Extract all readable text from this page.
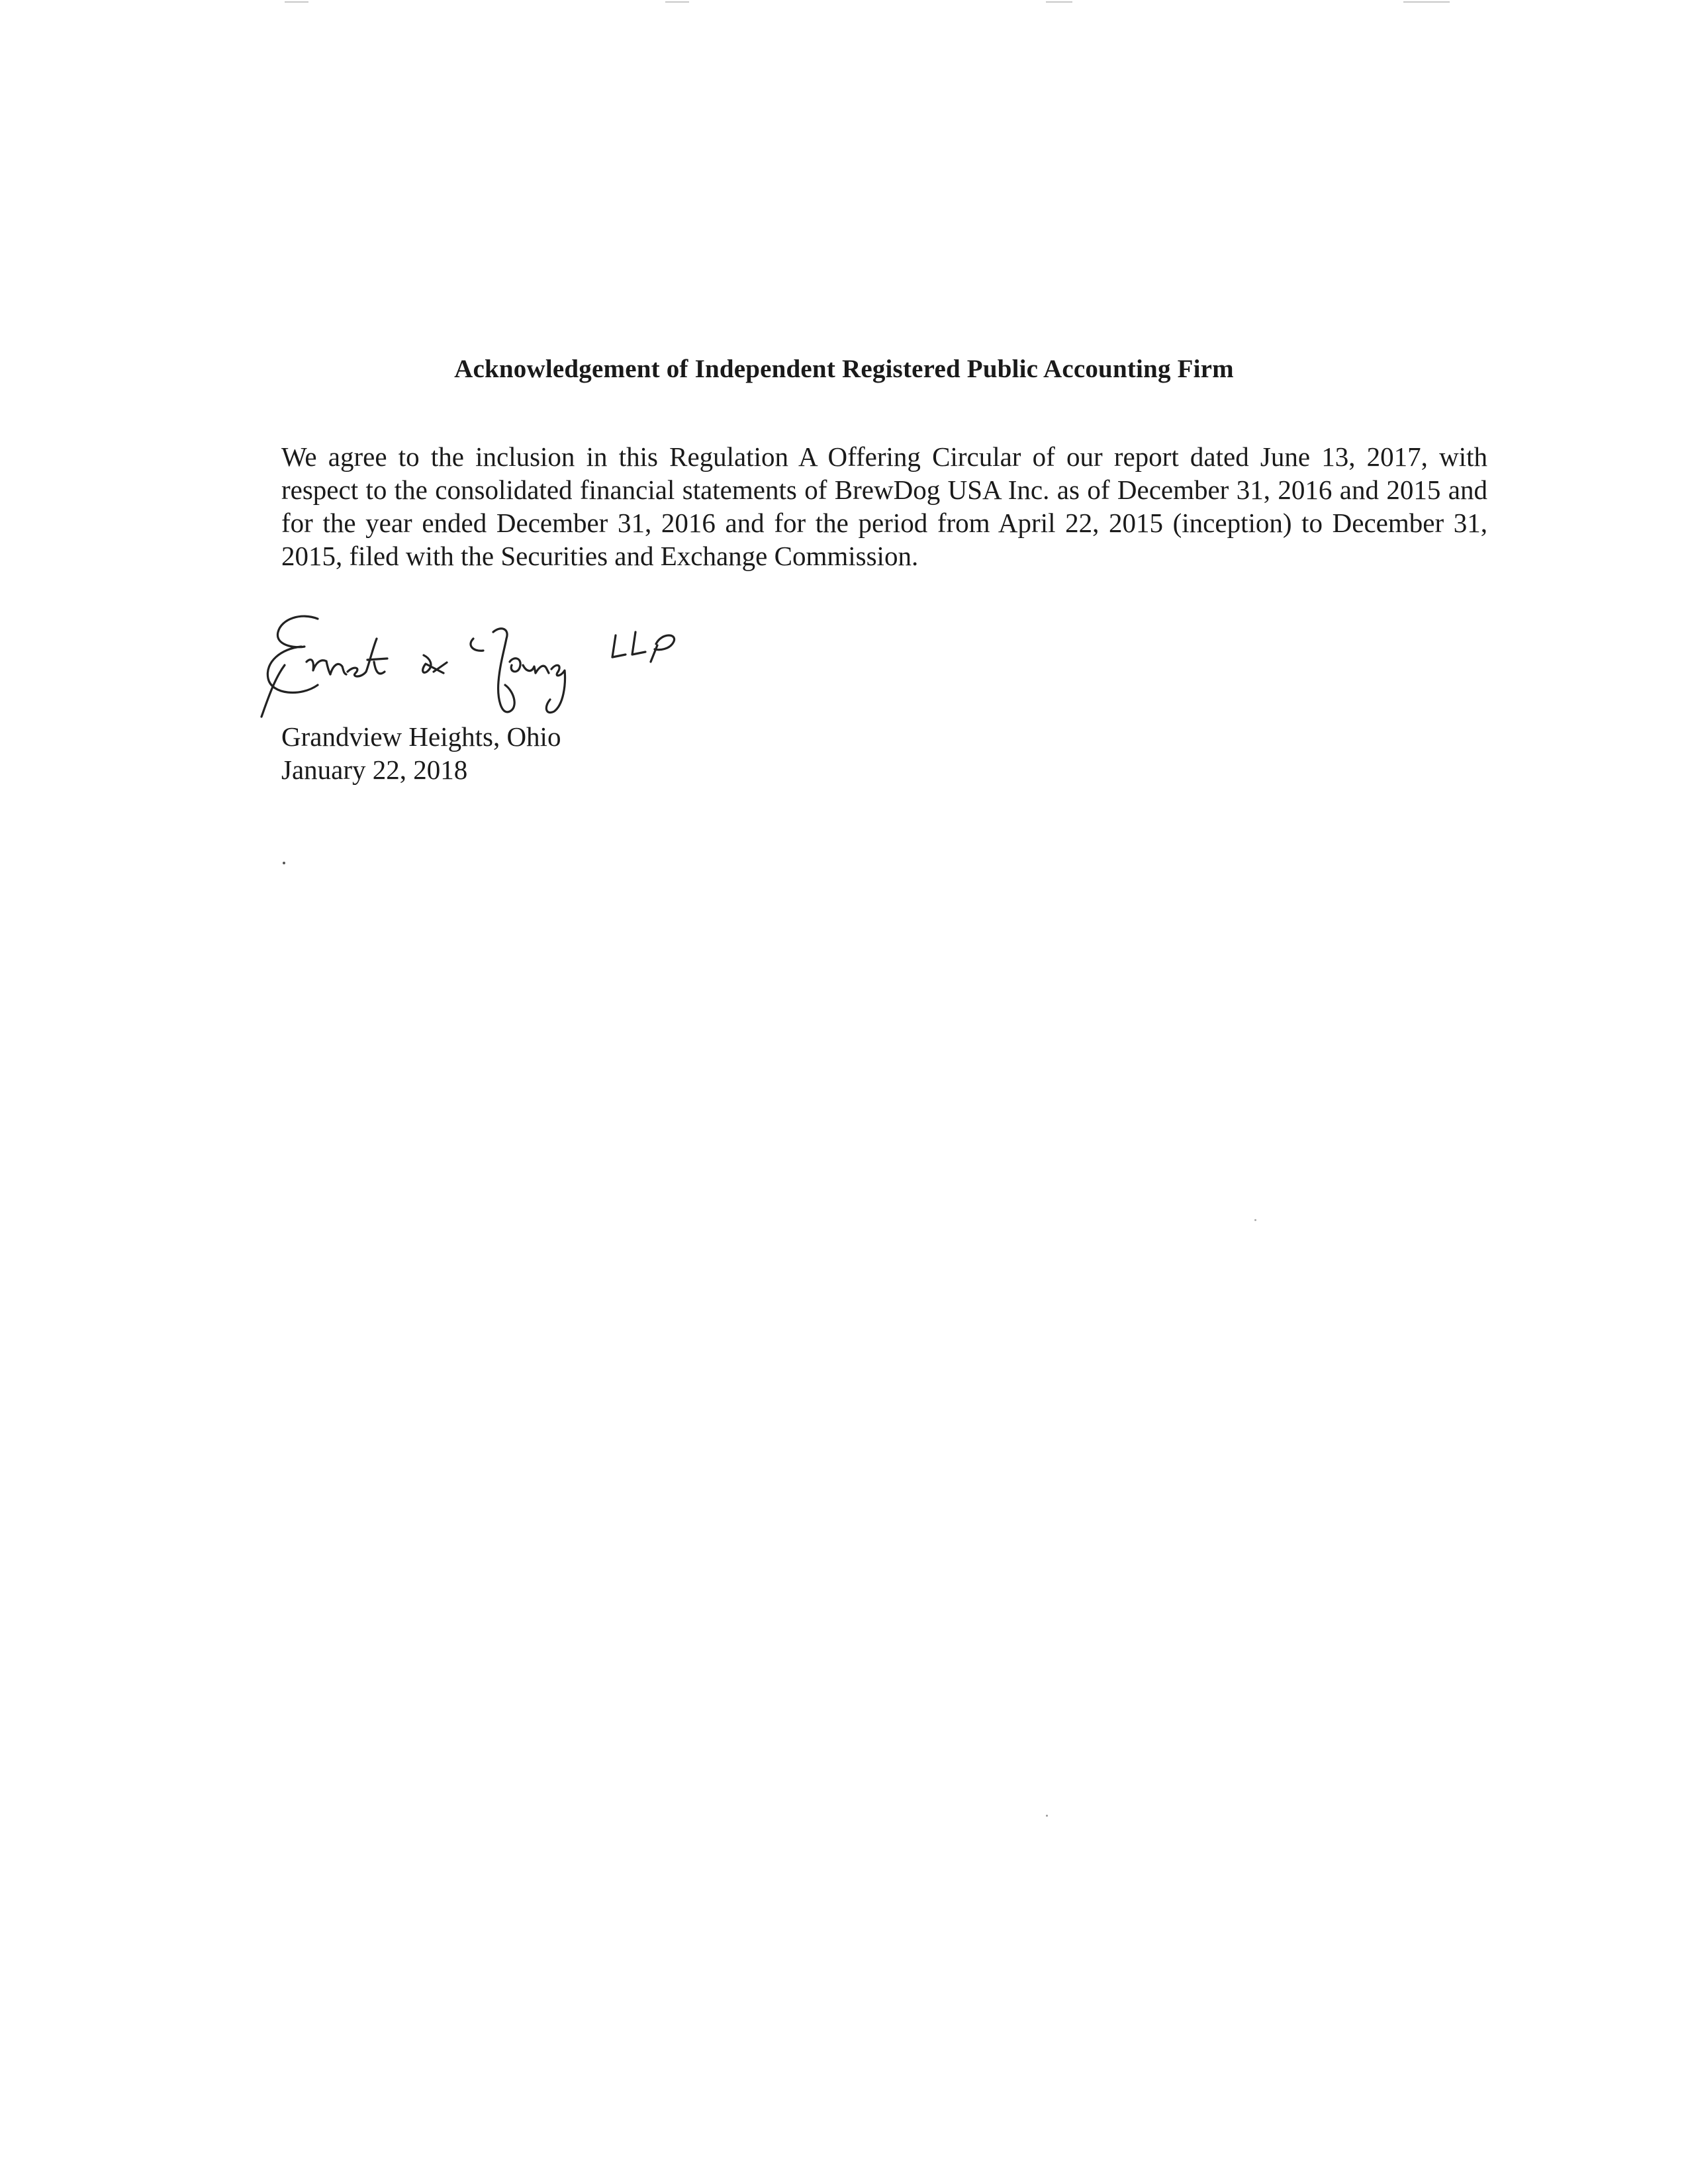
Acknowledgement of Independent Registered Public Accounting Firm
We agree to the inclusion in this Regulation A Offering Circular of our report dated June 13, 2017, with respect to the consolidated financial statements of BrewDog USA Inc. as of December 31, 2016 and 2015 and for the year ended December 31, 2016 and for the period from April 22, 2015 (inception) to December 31, 2015, filed with the Securities and Exchange Commission.
Grandview Heights, Ohio
January 22, 2018
